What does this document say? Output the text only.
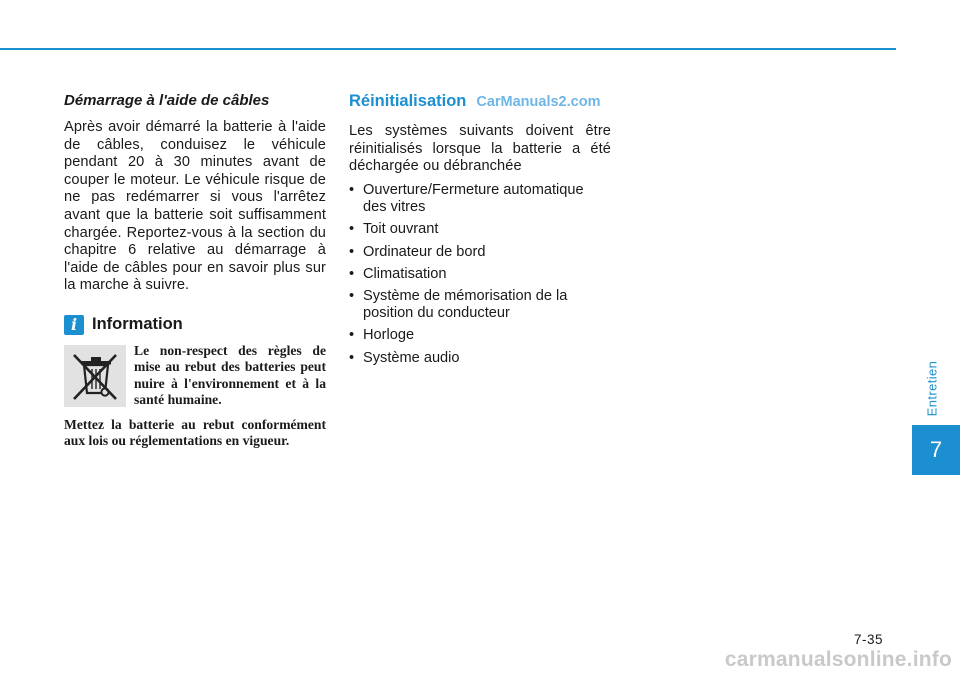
Démarrage à l'aide de câbles

Après avoir démarré la batterie à l'aide de câbles, conduisez le véhicule pendant 20 à 30 minutes avant de couper le moteur. Le véhicule risque de ne pas redémarrer si vous l'arrêtez avant que la batterie soit suffisamment chargée. Reportez-vous à la section du chapitre 6 relative au démarrage à l'aide de câbles pour en savoir plus sur la marche à suivre.

i Information

Le non-respect des règles de mise au rebut des batteries peut nuire à l'environnement et à la santé humaine.

Mettez la batterie au rebut conformément aux lois ou réglementations en vigueur.

Réinitialisation CarManuals2.com

Les systèmes suivants doivent être réinitialisés lorsque la batterie a été déchargée ou débranchée

• Ouverture/Fermeture automatique des vitres
• Toit ouvrant
• Ordinateur de bord
• Climatisation
• Système de mémorisation de la position du conducteur
• Horloge
• Système audio
Entretien
7
7-35
carmanualsonline.info
